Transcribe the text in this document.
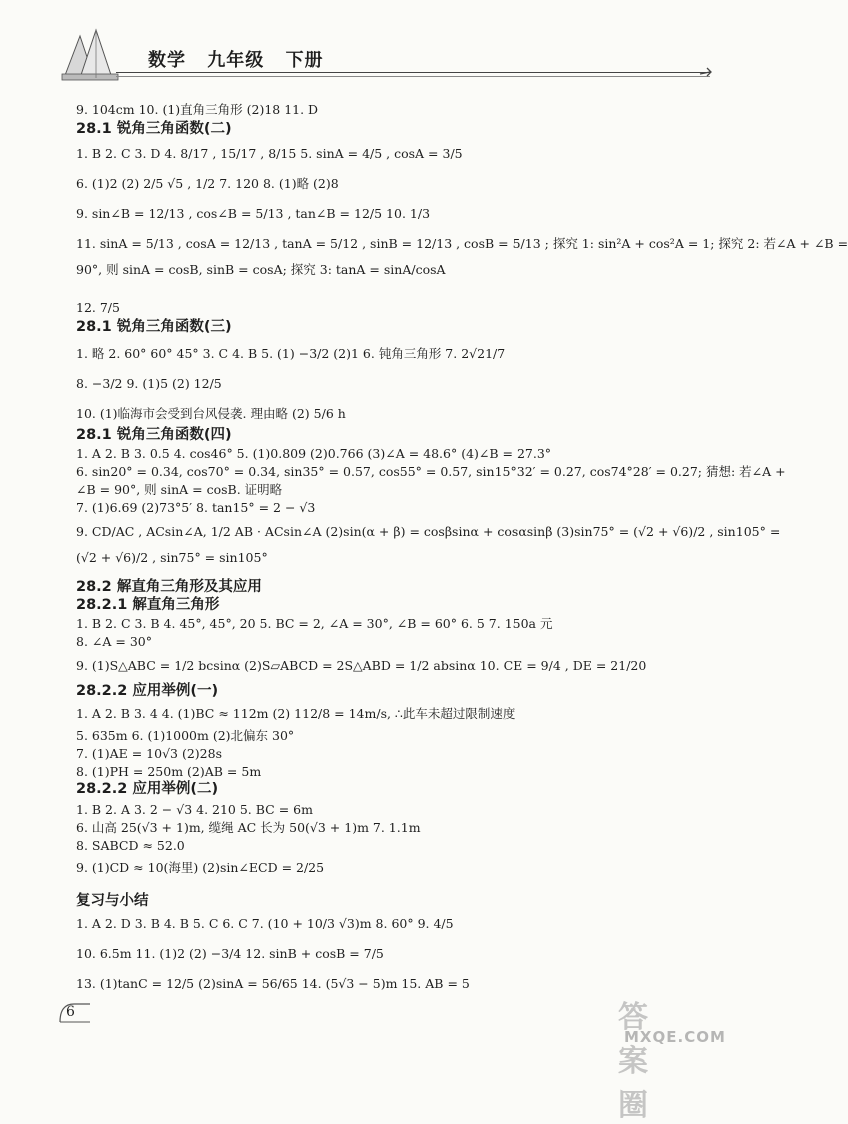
数学 九年级 下册
9. 104cm 10. (1)直角三角形 (2)18 11. D
28.1 锐角三角函数(二)
1. B 2. C 3. D 4. 8/17 , 15/17 , 8/15 5. sinA = 4/5 , cosA = 3/5
6. (1)2 (2) 2/5 √5 , 1/2 7. 120 8. (1)略 (2)8
9. sin∠B = 12/13 , cos∠B = 5/13 , tan∠B = 12/5 10. 1/3
11. sinA = 5/13 , cosA = 12/13 , tanA = 5/12 , sinB = 12/13 , cosB = 5/13 ; 探究 1: sin²A + cos²A = 1; 探究 2: 若∠A + ∠B =
90°, 则 sinA = cosB, sinB = cosA; 探究 3: tanA = sinA/cosA
12. 7/5
28.1 锐角三角函数(三)
1. 略 2. 60° 60° 45° 3. C 4. B 5. (1) −3/2 (2)1 6. 钝角三角形 7. 2√21/7
8. −3/2 9. (1)5 (2) 12/5
10. (1)临海市会受到台风侵袭. 理由略 (2) 5/6 h
28.1 锐角三角函数(四)
1. A 2. B 3. 0.5 4. cos46° 5. (1)0.809 (2)0.766 (3)∠A = 48.6° (4)∠B = 27.3°
6. sin20° = 0.34, cos70° = 0.34, sin35° = 0.57, cos55° = 0.57, sin15°32′ = 0.27, cos74°28′ = 0.27; 猜想: 若∠A +
∠B = 90°, 则 sinA = cosB. 证明略
7. (1)6.69 (2)73°5′ 8. tan15° = 2 − √3
9. CD/AC , ACsin∠A, 1/2 AB · ACsin∠A (2)sin(α + β) = cosβsinα + cosαsinβ (3)sin75° = (√2 + √6)/2 , sin105° =
(√2 + √6)/2 , sin75° = sin105°
28.2 解直角三角形及其应用
28.2.1 解直角三角形
1. B 2. C 3. B 4. 45°, 45°, 20 5. BC = 2, ∠A = 30°, ∠B = 60° 6. 5 7. 150a 元
8. ∠A = 30°
9. (1)S△ABC = 1/2 bcsinα (2)S▱ABCD = 2S△ABD = 1/2 absinα 10. CE = 9/4 , DE = 21/20
28.2.2 应用举例(一)
1. A 2. B 3. 4 4. (1)BC ≈ 112m (2) 112/8 = 14m/s, ∴此车未超过限制速度
5. 635m 6. (1)1000m (2)北偏东 30°
7. (1)AE = 10√3 (2)28s
8. (1)PH = 250m (2)AB = 5m
28.2.2 应用举例(二)
1. B 2. A 3. 2 − √3 4. 210 5. BC = 6m
6. 山高 25(√3 + 1)m, 缆绳 AC 长为 50(√3 + 1)m 7. 1.1m
8. SABCD ≈ 52.0
9. (1)CD ≈ 10(海里) (2)sin∠ECD = 2/25
复习与小结
1. A 2. D 3. B 4. B 5. C 6. C 7. (10 + 10/3 √3)m 8. 60° 9. 4/5
10. 6.5m 11. (1)2 (2) −3/4 12. sinB + cosB = 7/5
13. (1)tanC = 12/5 (2)sinA = 56/65 14. (5√3 − 5)m 15. AB = 5
6	答案圈
MXQE.COM
